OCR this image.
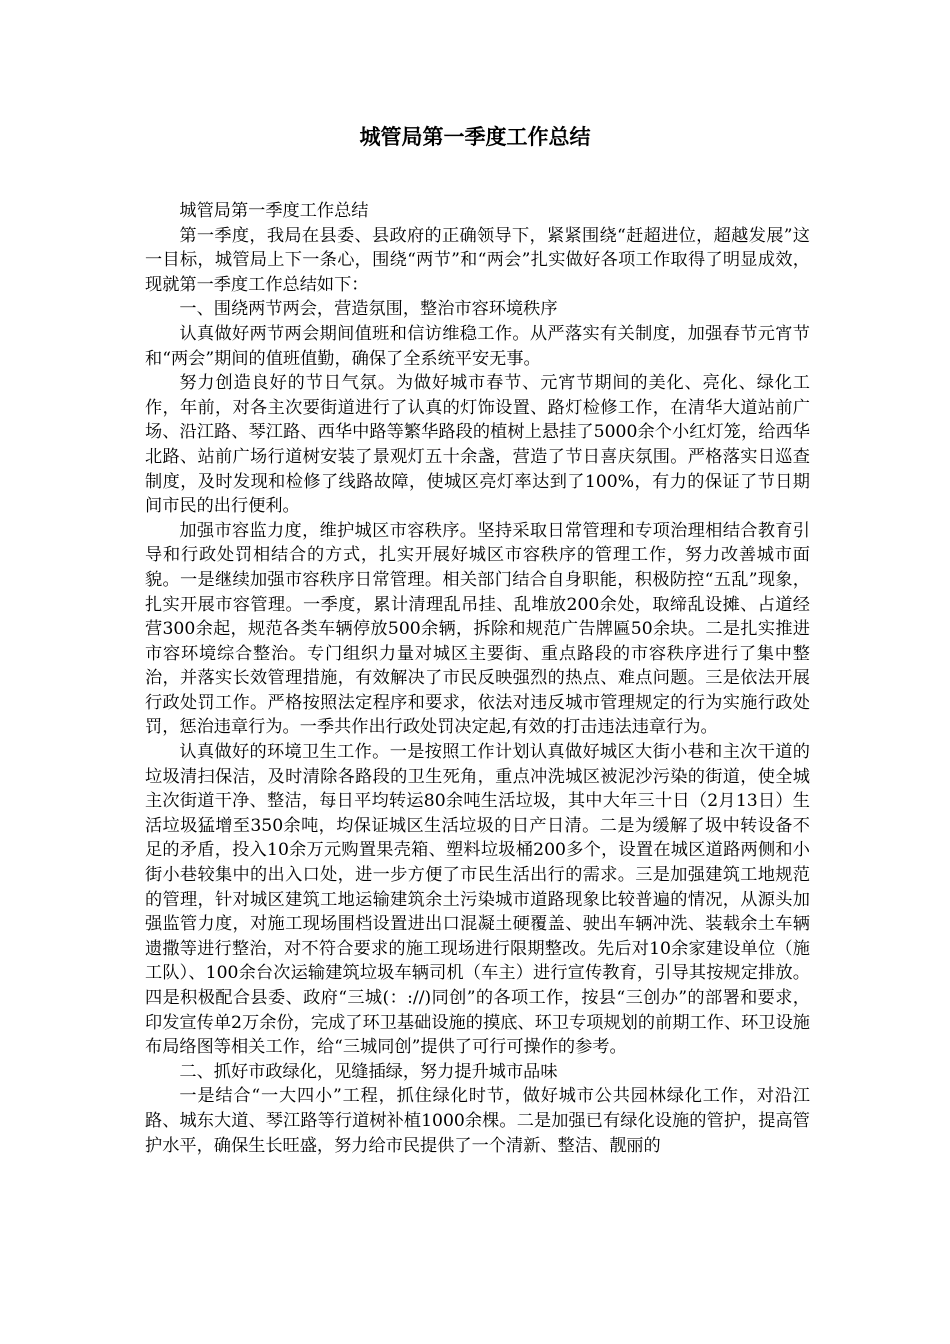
城管局第一季度工作总结

城管局第一季度工作总结

第一季度，我局在县委、县政府的正确领导下，紧紧围绕“赶超进位，超越发展”这一目标，城管局上下一条心，围绕“两节”和“两会”扎实做好各项工作取得了明显成效，现就第一季度工作总结如下：

一、围绕两节两会，营造氛围，整治市容环境秩序

认真做好两节两会期间值班和信访维稳工作。从严落实有关制度，加强春节元宵节和“两会”期间的值班值勤，确保了全系统平安无事。

努力创造良好的节日气氛。为做好城市春节、元宵节期间的美化、亮化、绿化工作，年前，对各主次要街道进行了认真的灯饰设置、路灯检修工作，在清华大道站前广场、沿江路、琴江路、西华中路等繁华路段的植树上悬挂了5000余个小红灯笼，给西华北路、站前广场行道树安装了景观灯五十余盏，营造了节日喜庆氛围。严格落实日巡查制度，及时发现和检修了线路故障，使城区亮灯率达到了100%，有力的保证了节日期间市民的出行便利。

加强市容监力度，维护城区市容秩序。坚持采取日常管理和专项治理相结合教育引导和行政处罚相结合的方式，扎实开展好城区市容秩序的管理工作，努力改善城市面貌。一是继续加强市容秩序日常管理。相关部门结合自身职能，积极防控“五乱”现象，扎实开展市容管理。一季度，累计清理乱吊挂、乱堆放200余处，取缔乱设摊、占道经营300余起，规范各类车辆停放500余辆，拆除和规范广告牌匾50余块。二是扎实推进市容环境综合整治。专门组织力量对城区主要街、重点路段的市容秩序进行了集中整治，并落实长效管理措施，有效解决了市民反映强烈的热点、难点问题。三是依法开展行政处罚工作。严格按照法定程序和要求，依法对违反城市管理规定的行为实施行政处罚，惩治违章行为。一季共作出行政处罚决定起,有效的打击违法违章行为。

认真做好的环境卫生工作。一是按照工作计划认真做好城区大街小巷和主次干道的垃圾清扫保洁，及时清除各路段的卫生死角，重点冲洗城区被泥沙污染的街道，使全城主次街道干净、整洁，每日平均转运80余吨生活垃圾，其中大年三十日（2月13日）生活垃圾猛增至350余吨，均保证城区生活垃圾的日产日清。二是为缓解了圾中转设备不足的矛盾，投入10余万元购置果壳箱、塑料垃圾桶200多个，设置在城区道路两侧和小街小巷较集中的出入口处，进一步方便了市民生活出行的需求。三是加强建筑工地规范的管理，针对城区建筑工地运输建筑余土污染城市道路现象比较普遍的情况，从源头加强监管力度，对施工现场围档设置进出口混凝土硬覆盖、驶出车辆冲洗、装载余土车辆遗撒等进行整治，对不符合要求的施工现场进行限期整改。先后对10余家建设单位（施工队）、100余台次运输建筑垃圾车辆司机（车主）进行宣传教育，引导其按规定排放。四是积极配合县委、政府“三城(：://)同创”的各项工作，按县“三创办”的部署和要求，印发宣传单2万余份，完成了环卫基础设施的摸底、环卫专项规划的前期工作、环卫设施布局络图等相关工作，给“三城同创”提供了可行可操作的参考。

二、抓好市政绿化，见缝插绿，努力提升城市品味

一是结合“一大四小”工程，抓住绿化时节，做好城市公共园林绿化工作，对沿江路、城东大道、琴江路等行道树补植1000余棵。二是加强已有绿化设施的管护，提高管护水平，确保生长旺盛，努力给市民提供了一个清新、整洁、靓丽的
